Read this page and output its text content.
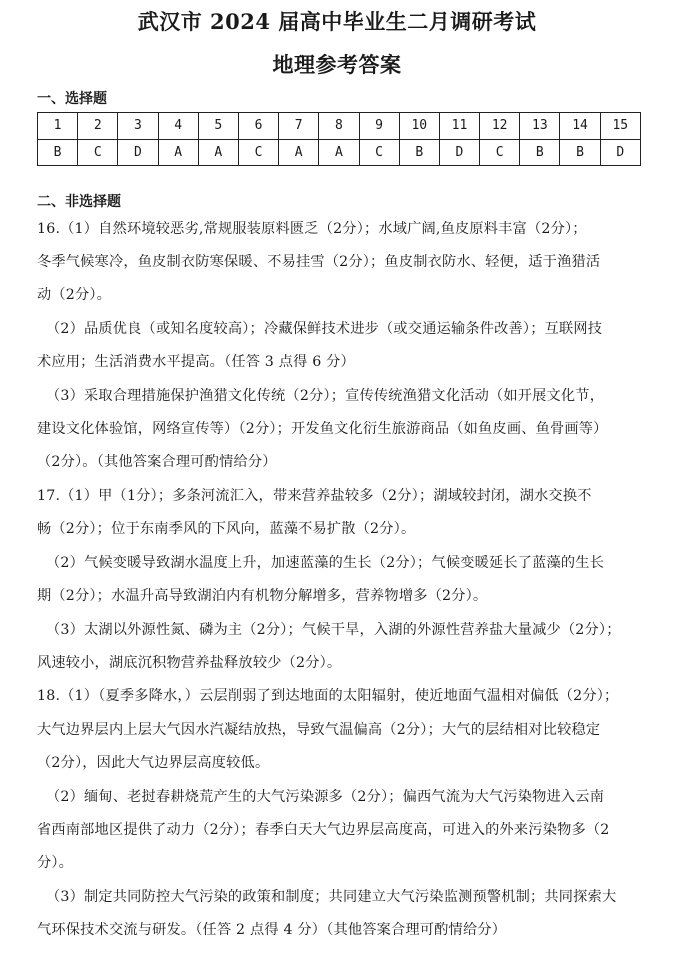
武汉市 2024 届高中毕业生二月调研考试
地理参考答案
一、选择题
1	2	3	4	5	6	7	8	9	10	11	12	13	14	15
B	C	D	A	A	C	A	A	C	B	D	C	B	B	D
二、非选择题
16.（1）自然环境较恶劣,常规服装原料匮乏（2分）；水域广阔,鱼皮原料丰富（2分）；
冬季气候寒冷，鱼皮制衣防寒保暖、不易挂雪（2分）；鱼皮制衣防水、轻便，适于渔猎活
动（2分）。
（2）品质优良（或知名度较高）；冷藏保鲜技术进步（或交通运输条件改善）；互联网技
术应用；生活消费水平提高。（任答 3 点得 6 分）
（3）采取合理措施保护渔猎文化传统（2分）；宣传传统渔猎文化活动（如开展文化节，
建设文化体验馆，网络宣传等）（2分）；开发鱼文化衍生旅游商品（如鱼皮画、鱼骨画等）
（2分）。（其他答案合理可酌情给分）
17.（1）甲（1分）；多条河流汇入，带来营养盐较多（2分）；湖域较封闭，湖水交换不
畅（2分）；位于东南季风的下风向，蓝藻不易扩散（2分）。
（2）气候变暖导致湖水温度上升，加速蓝藻的生长（2分）；气候变暖延长了蓝藻的生长
期（2分）；水温升高导致湖泊内有机物分解增多，营养物增多（2分）。
（3）太湖以外源性氮、磷为主（2分）；气候干旱，入湖的外源性营养盐大量减少（2分）；
风速较小，湖底沉积物营养盐释放较少（2分）。
18.（1）（夏季多降水，）云层削弱了到达地面的太阳辐射，使近地面气温相对偏低（2分）；
大气边界层内上层大气因水汽凝结放热，导致气温偏高（2分）；大气的层结相对比较稳定
（2分），因此大气边界层高度较低。
（2）缅甸、老挝春耕烧荒产生的大气污染源多（2分）；偏西气流为大气污染物进入云南
省西南部地区提供了动力（2分）；春季白天大气边界层高度高，可进入的外来污染物多（2
分）。
（3）制定共同防控大气污染的政策和制度；共同建立大气污染监测预警机制；共同探索大
气环保技术交流与研发。（任答 2 点得 4 分）（其他答案合理可酌情给分）
